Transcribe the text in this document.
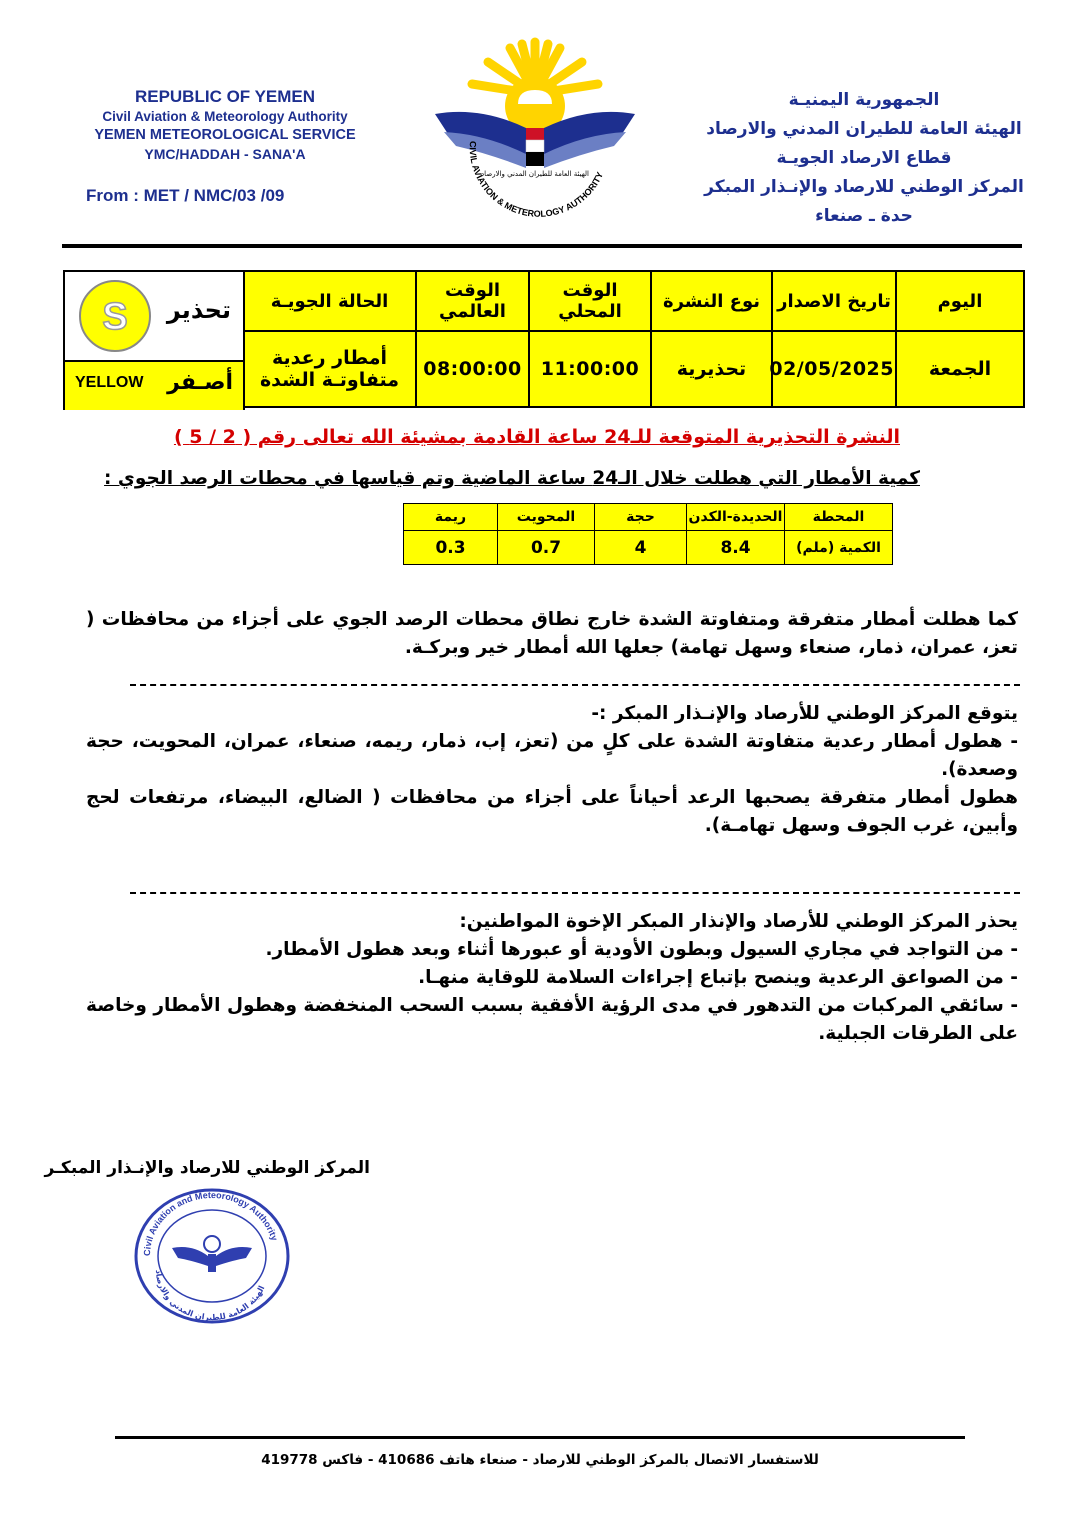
REPUBLIC OF YEMEN
Civil Aviation & Meteorology Authority
YEMEN METEOROLOGICAL SERVICE
YMC/HADDAH - SANA'A
From : MET / NMC/03 /09
CIVIL AVIATION & METEROLOGY AUTHORITY
الهيئة العامة للطيران المدني والارصاد
الجمهورية اليمنيـة
الهيئة العامة للطيران المدني والارصاد
قطاع الارصاد الجويـة
المركز الوطني للارصاد والإنـذار المبكر
حدة ـ صنعاء
اليوم	تاريخ الاصدار	نوع النشرة	الوقت المحلي	الوقت العالمي	الحالة الجويـة	
الجمعة	02/05/2025	تحذيرية	11:00:00	08:00:00	أمطار رعدية متفاوتـة الشدة	
S تحذير
YELLOW أصـفر
النشرة التحذيرية المتوقعة للـ24 ساعة القادمة بمشيئة الله تعالى رقم ( 2 / 5 )
كمية الأمطار التي هطلت خلال الـ24 ساعة الماضية وتم قياسها في محطات الرصد الجوي :
المحطة	الحديدة-الكدن	حجة	المحويت	ريمة
الكمية (ملم)	8.4	4	0.7	0.3

كما هطلت أمطار متفرقة ومتفاوتة الشدة خارج نطاق محطات الرصد الجوي على أجزاء من محافظات ( تعز، عمران، ذمار، صنعاء وسهل تهامة) جعلها الله أمطار خير وبركـة.

يتوقع المركز الوطني للأرصاد والإنـذار المبكر :-

- هطول أمطار رعدية متفاوتة الشدة على كلٍ من (تعز، إب، ذمار، ريمه، صنعاء، عمران، المحويت، حجة وصعدة).

هطول أمطار متفرقة يصحبها الرعد أحياناً على أجزاء من محافظات ( الضالع، البيضاء، مرتفعات لحج وأبين، غرب الجوف وسهل تهامـة).

يحذر المركز الوطني للأرصاد والإنذار المبكر الإخوة المواطنين:

- من التواجد في مجاري السيول وبطون الأودية أو عبورها أثناء وبعد هطول الأمطار.

- من الصواعق الرعدية وينصح بإتباع إجراءات السلامة للوقاية منهـا.

- سائقي المركبات من التدهور في مدى الرؤية الأفقية بسبب السحب المنخفضة وهطول الأمطار وخاصة على الطرقات الجبلية.

المركز الوطني للارصاد والإنـذار المبكـر
Civil Aviation and Meteorology Authority
الهيئة العامة للطيران المدني والارصاد
للاستفسار الاتصال بالمركز الوطني للارصاد - صنعاء هاتف 410686 - فاكس 419778
